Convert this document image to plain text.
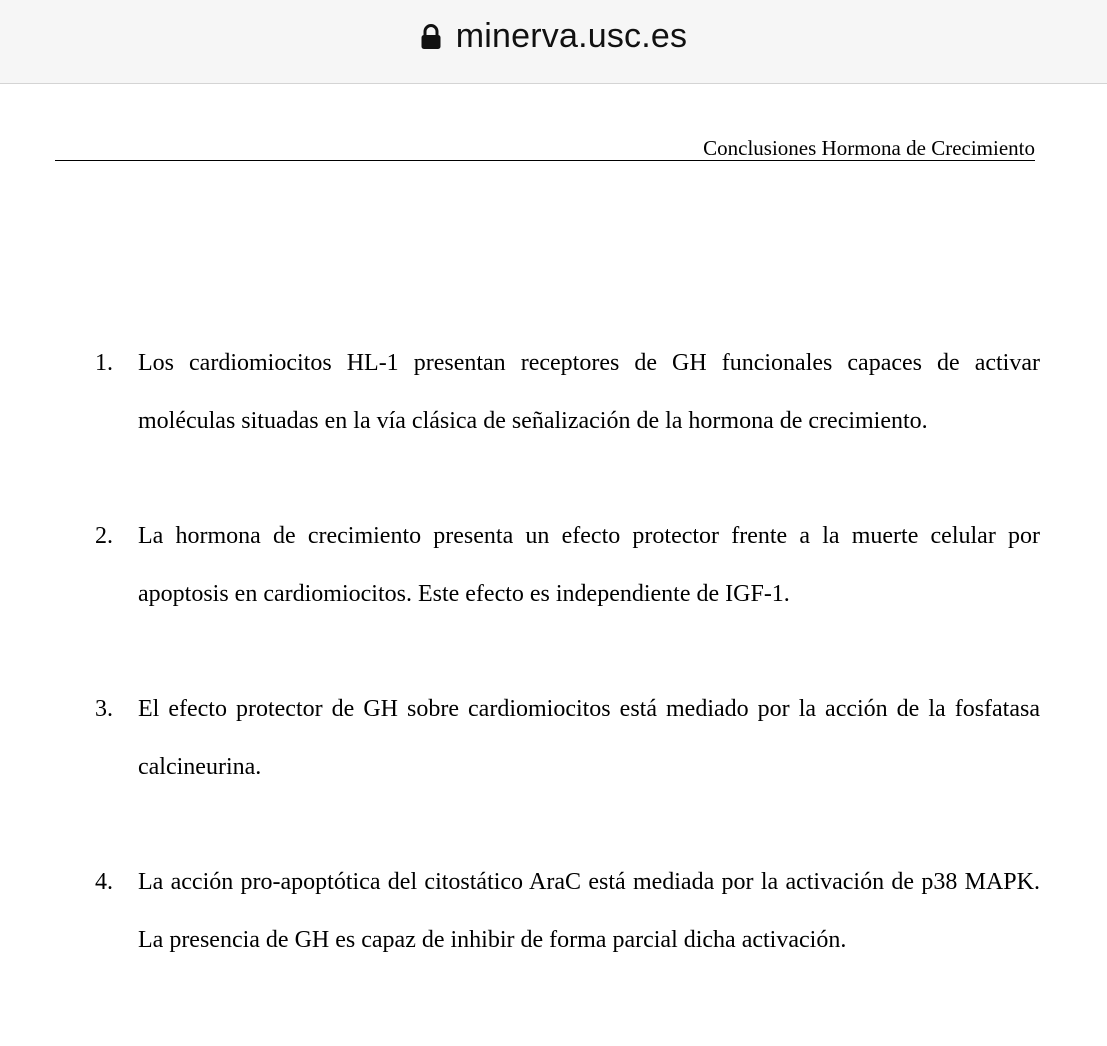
minerva.usc.es
Conclusiones Hormona de Crecimiento
1. Los cardiomiocitos HL-1 presentan receptores de GH funcionales capaces de activar moléculas situadas en la vía clásica de señalización de la hormona de crecimiento.
2. La hormona de crecimiento presenta un efecto protector frente a la muerte celular por apoptosis en cardiomiocitos. Este efecto es independiente de IGF-1.
3. El efecto protector de GH sobre cardiomiocitos está mediado por la acción de la fosfatasa calcineurina.
4. La acción pro-apoptótica del citostático AraC está mediada por la activación de p38 MAPK. La presencia de GH es capaz de inhibir de forma parcial dicha activación.
